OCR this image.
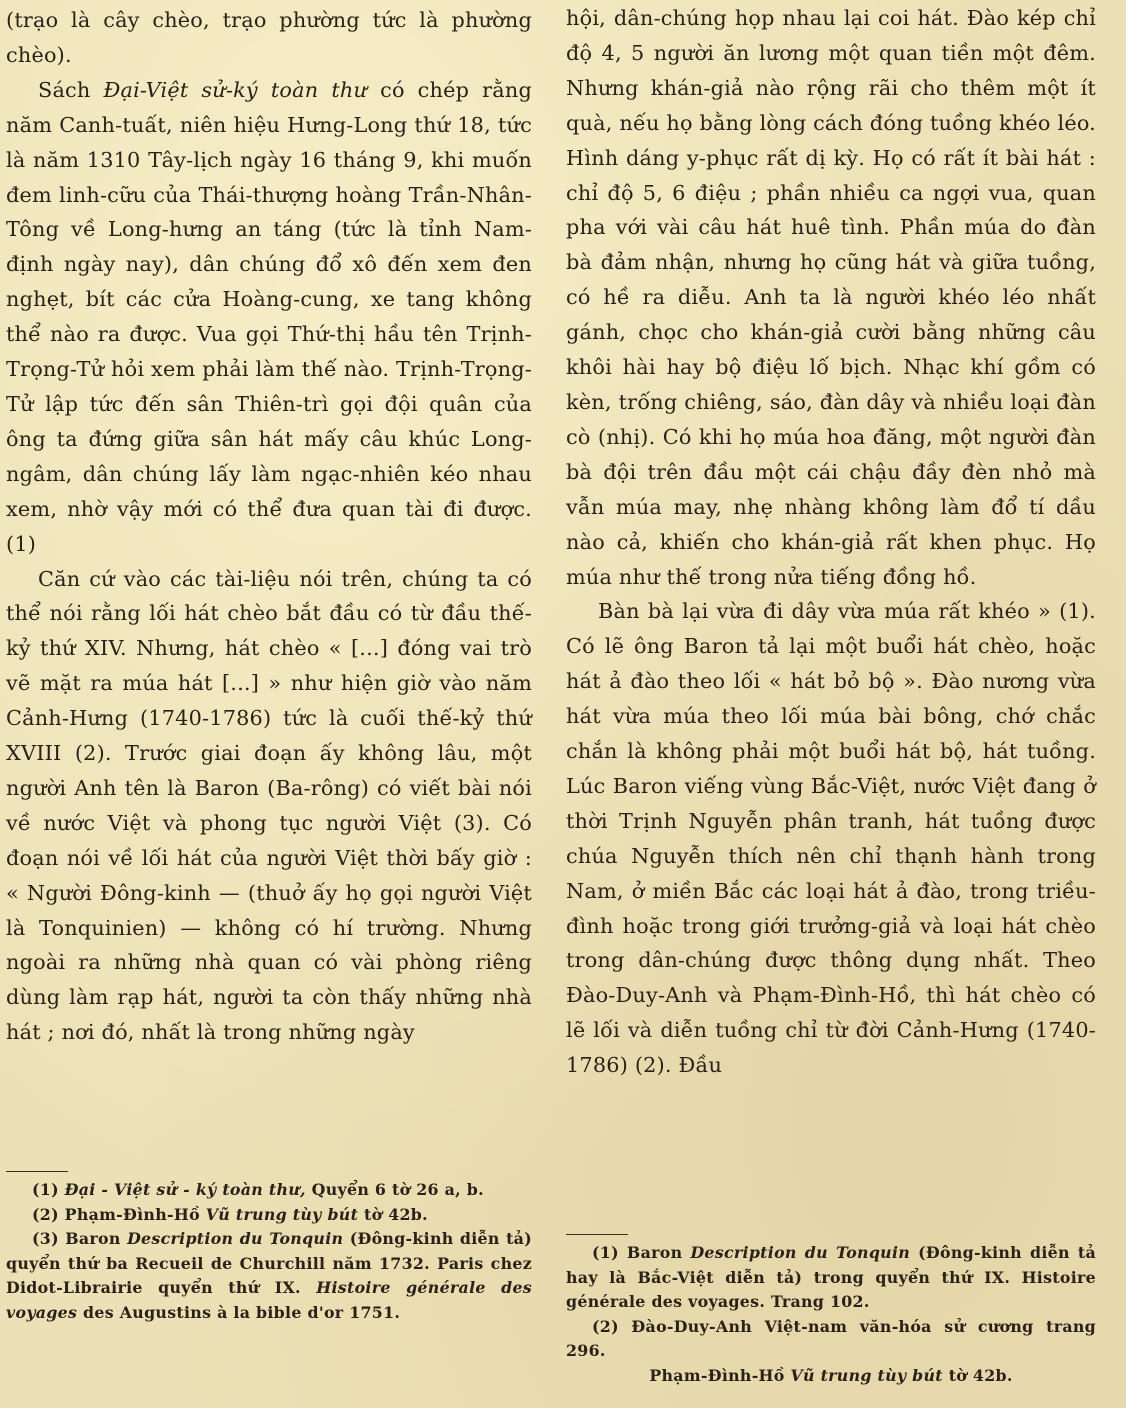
(trạo là cây chèo, trạo phường tức là phường chèo).

Sách Đại-Việt sử-ký toàn thư có chép rằng năm Canh-tuất, niên hiệu Hưng-Long thứ 18, tức là năm 1310 Tây-lịch ngày 16 tháng 9, khi muốn đem linh-cữu của Thái-thượng hoàng Trần-Nhân-Tông về Long-hưng an táng (tức là tỉnh Nam-định ngày nay), dân chúng đổ xô đến xem đen nghẹt, bít các cửa Hoàng-cung, xe tang không thể nào ra được. Vua gọi Thứ-thị hầu tên Trịnh-Trọng-Tử hỏi xem phải làm thế nào. Trịnh-Trọng-Tử lập tức đến sân Thiên-trì gọi đội quân của ông ta đứng giữa sân hát mấy câu khúc Long-ngâm, dân chúng lấy làm ngạc-nhiên kéo nhau xem, nhờ vậy mới có thể đưa quan tài đi được. (1)

Căn cứ vào các tài-liệu nói trên, chúng ta có thể nói rằng lối hát chèo bắt đầu có từ đầu thế-kỷ thứ XIV. Nhưng, hát chèo « [...] đóng vai trò vẽ mặt ra múa hát [...] » như hiện giờ vào năm Cảnh-Hưng (1740-1786) tức là cuối thế-kỷ thứ XVIII (2). Trước giai đoạn ấy không lâu, một người Anh tên là Baron (Ba-rông) có viết bài nói về nước Việt và phong tục người Việt (3). Có đoạn nói về lối hát của người Việt thời bấy giờ : « Người Đông-kinh — (thuở ấy họ gọi người Việt là Tonquinien) — không có hí trường. Nhưng ngoài ra những nhà quan có vài phòng riêng dùng làm rạp hát, người ta còn thấy những nhà hát ; nơi đó, nhất là trong những ngày

(1) Đại - Việt sử - ký toàn thư, Quyển 6 tờ 26 a, b.

(2) Phạm-Đình-Hồ Vũ trung tùy bút tờ 42b.

(3) Baron Description du Tonquin (Đông-kinh diễn tả) quyển thứ ba Recueil de Churchill năm 1732. Paris chez Didot-Librairie quyển thứ IX. Histoire générale des voyages des Augustins à la bible d'or 1751.

hội, dân-chúng họp nhau lại coi hát. Đào kép chỉ độ 4, 5 người ăn lương một quan tiền một đêm. Nhưng khán-giả nào rộng rãi cho thêm một ít quà, nếu họ bằng lòng cách đóng tuồng khéo léo. Hình dáng y-phục rất dị kỳ. Họ có rất ít bài hát : chỉ độ 5, 6 điệu ; phần nhiều ca ngợi vua, quan pha với vài câu hát huê tình. Phần múa do đàn bà đảm nhận, nhưng họ cũng hát và giữa tuồng, có hề ra diễu. Anh ta là người khéo léo nhất gánh, chọc cho khán-giả cười bằng những câu khôi hài hay bộ điệu lố bịch. Nhạc khí gồm có kèn, trống chiêng, sáo, đàn dây và nhiều loại đàn cò (nhị). Có khi họ múa hoa đăng, một người đàn bà đội trên đầu một cái chậu đầy đèn nhỏ mà vẫn múa may, nhẹ nhàng không làm đổ tí dầu nào cả, khiến cho khán-giả rất khen phục. Họ múa như thế trong nửa tiếng đồng hồ.

Bàn bà lại vừa đi dây vừa múa rất khéo » (1). Có lẽ ông Baron tả lại một buổi hát chèo, hoặc hát ả đào theo lối « hát bỏ bộ ». Đào nương vừa hát vừa múa theo lối múa bài bông, chớ chắc chắn là không phải một buổi hát bộ, hát tuồng. Lúc Baron viếng vùng Bắc-Việt, nước Việt đang ở thời Trịnh Nguyễn phân tranh, hát tuồng được chúa Nguyễn thích nên chỉ thạnh hành trong Nam, ở miền Bắc các loại hát ả đào, trong triều-đình hoặc trong giới trưởng-giả và loại hát chèo trong dân-chúng được thông dụng nhất. Theo Đào-Duy-Anh và Phạm-Đình-Hồ, thì hát chèo có lẽ lối và diễn tuồng chỉ từ đời Cảnh-Hưng (1740-1786) (2). Đầu

(1) Baron Description du Tonquin (Đông-kinh diễn tả hay là Bắc-Việt diễn tả) trong quyển thứ IX. Histoire générale des voyages. Trang 102.

(2) Đào-Duy-Anh Việt-nam văn-hóa sử cương trang 296.

Phạm-Đình-Hồ Vũ trung tùy bút tờ 42b.
